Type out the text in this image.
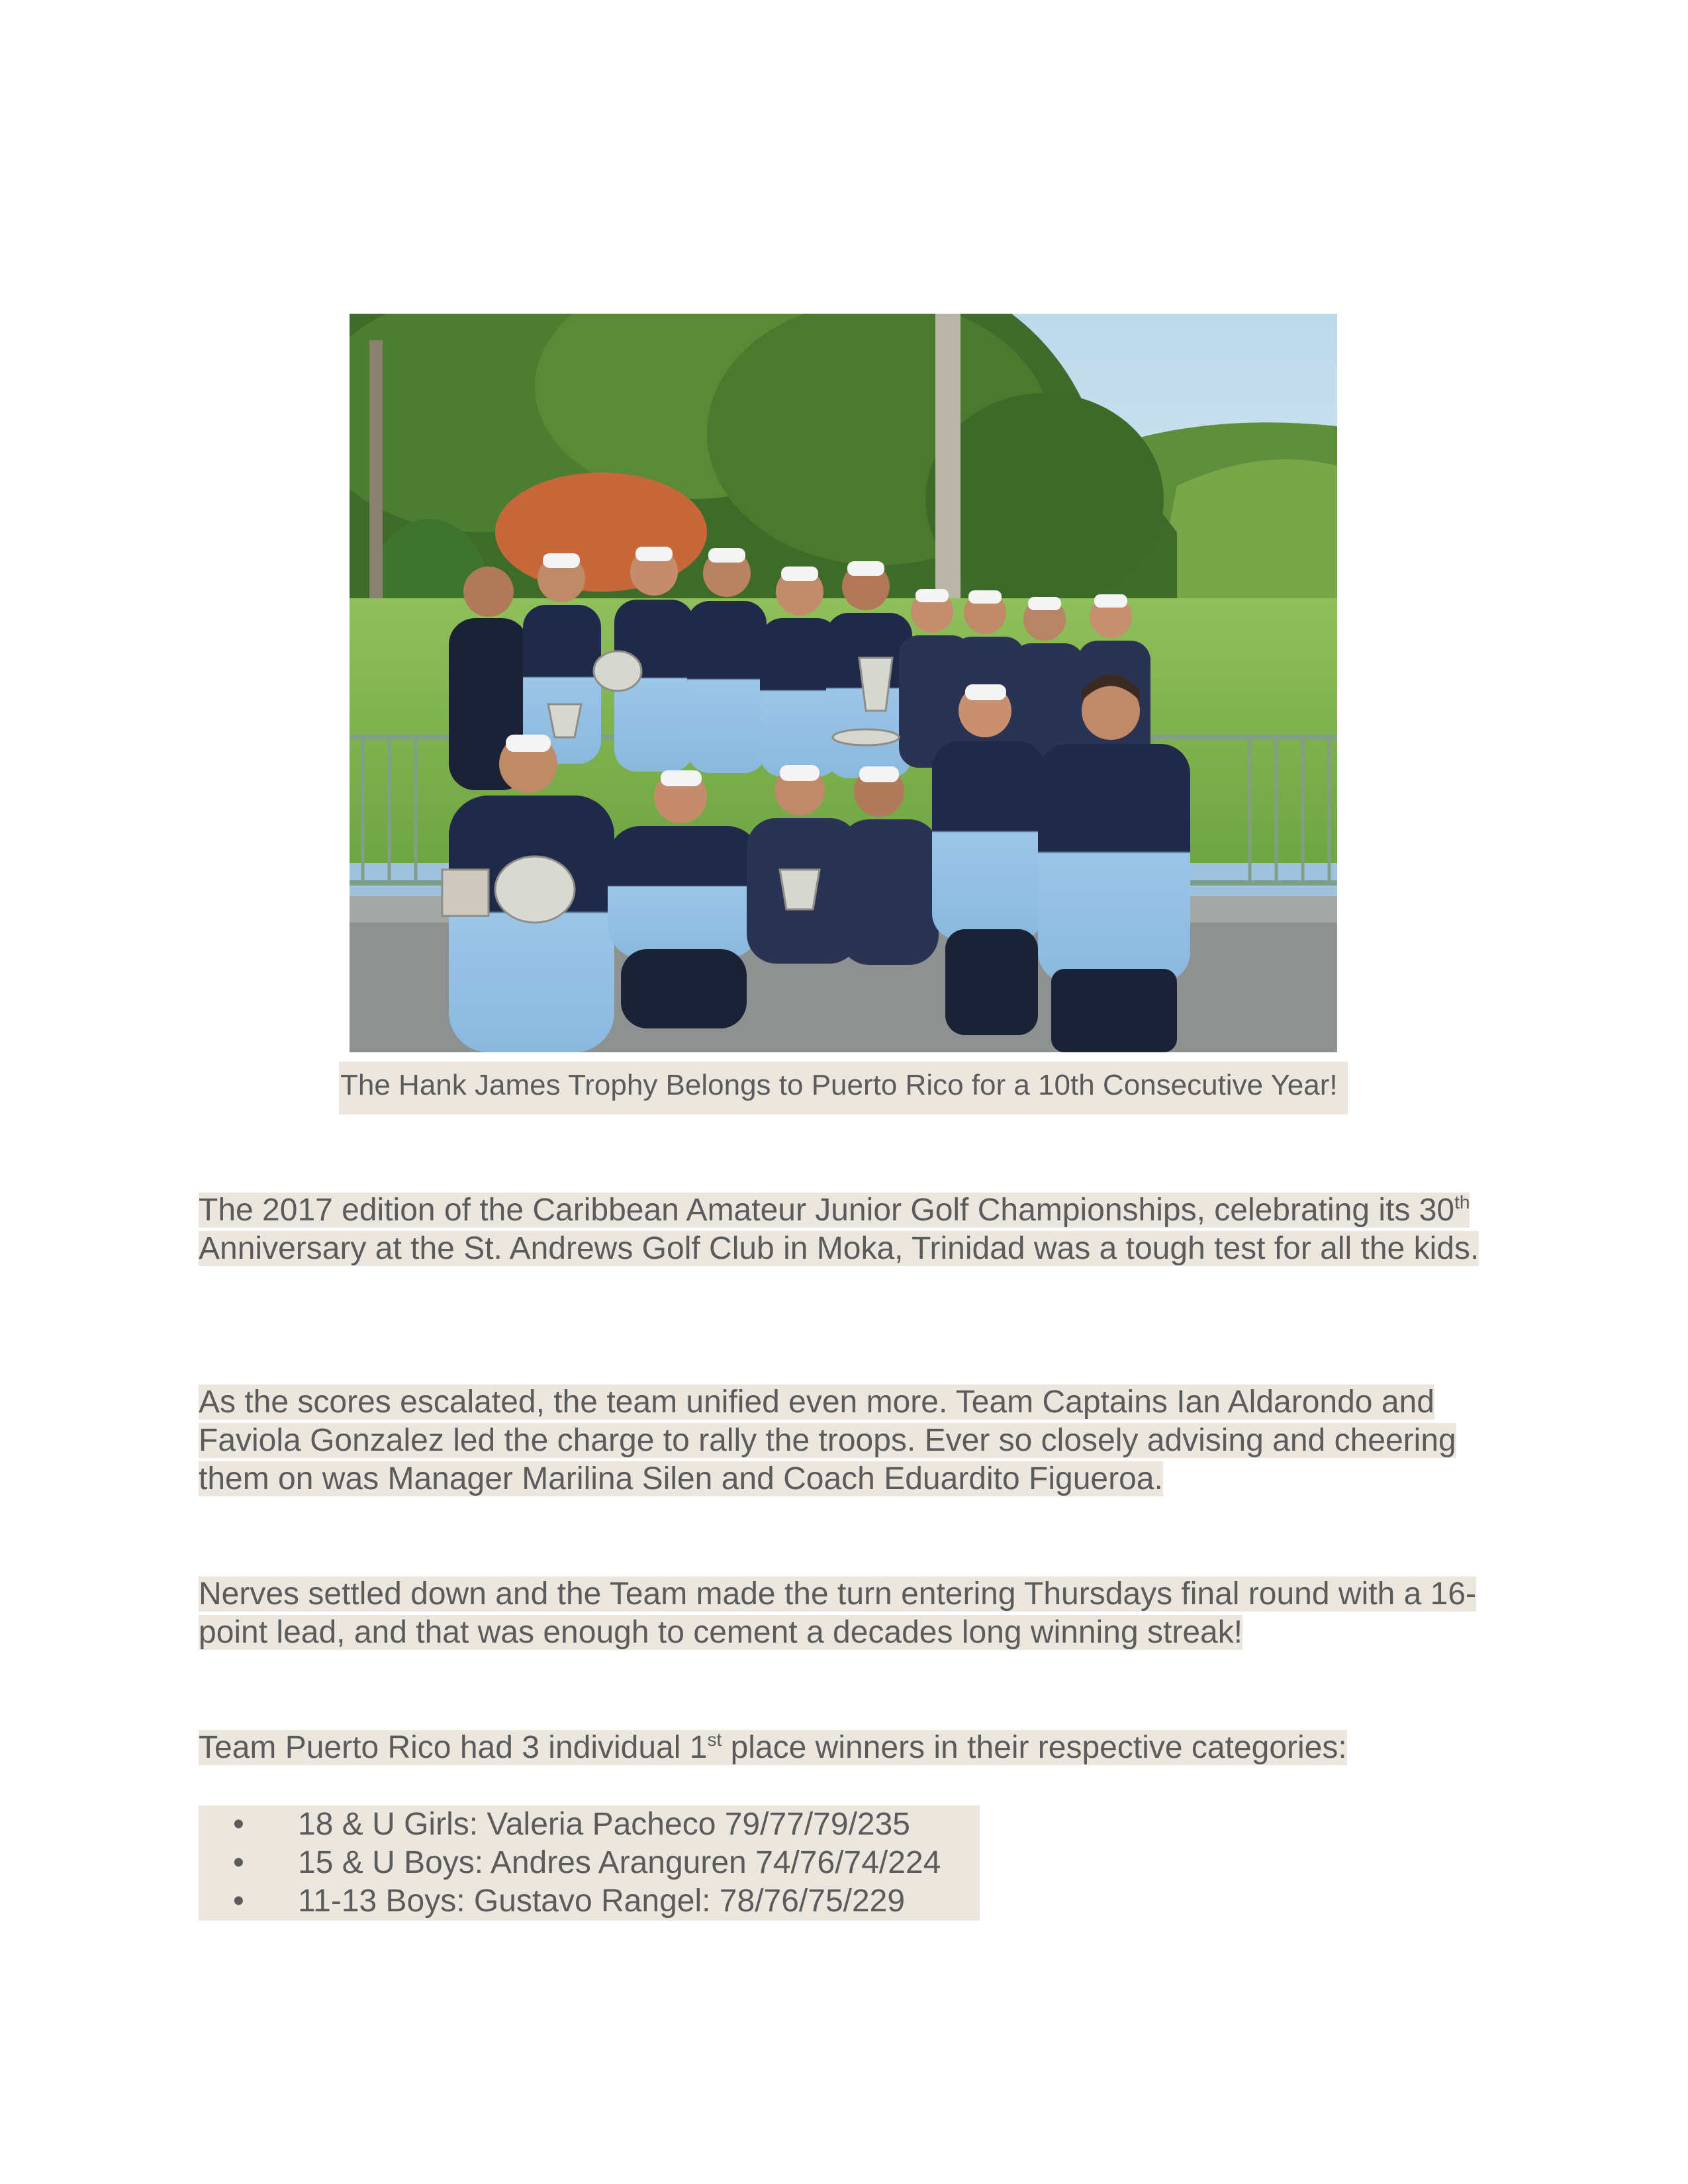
The Hank James Trophy Belongs to Puerto Rico for a 10th Consecutive Year!
The 2017 edition of the Caribbean Amateur Junior Golf Championships, celebrating its 30th Anniversary at the St. Andrews Golf Club in Moka, Trinidad was a tough test for all the kids.
As the scores escalated, the team unified even more. Team Captains Ian Aldarondo and Faviola Gonzalez led the charge to rally the troops. Ever so closely advising and cheering them on was Manager Marilina Silen and Coach Eduardito Figueroa.
Nerves settled down and the Team made the turn entering Thursdays final round with a 16-point lead, and that was enough to cement a decades long winning streak!
Team Puerto Rico had 3 individual 1st place winners in their respective categories:
• 18 & U Girls: Valeria Pacheco 79/77/79/235
• 15 & U Boys: Andres Aranguren 74/76/74/224
• 11-13 Boys: Gustavo Rangel: 78/76/75/229
